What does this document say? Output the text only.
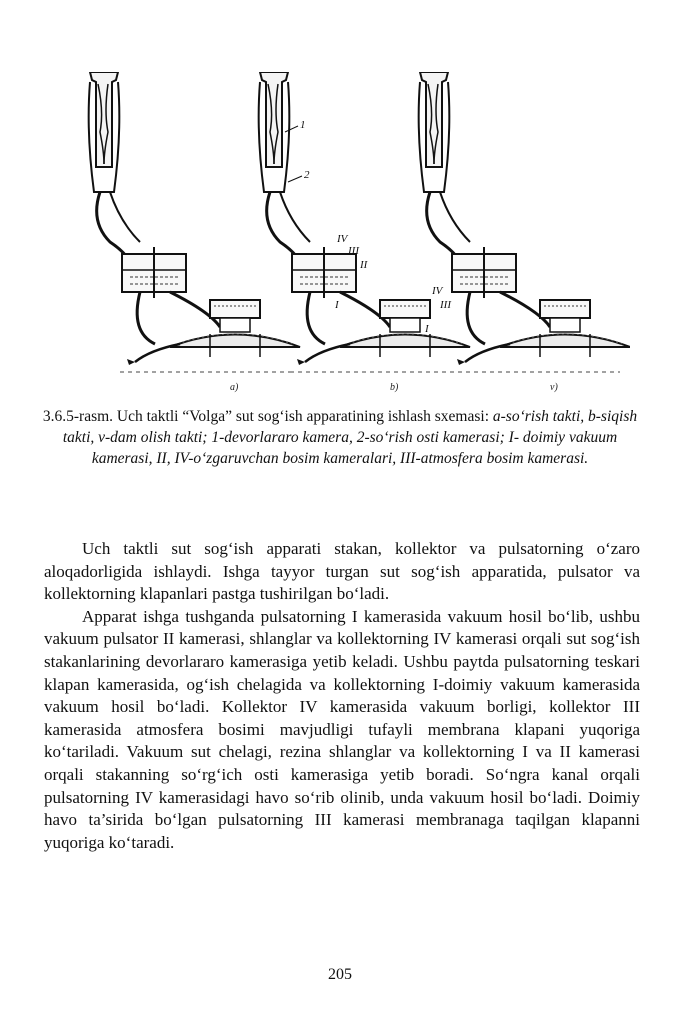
a)	b)	v)
1
2
IV
III
II
I
IV
III
I
3.6.5-rasm. Uch taktli “Volga” sut sog‘ish apparatining ishlash sxemasi: a-so‘rish takti, b-siqish takti, v-dam olish takti; 1-devorlararo kamera, 2-so‘rish osti kamerasi; I- doimiy vakuum kamerasi, II, IV-o‘zgaruvchan bosim kameralari, III-atmosfera bosim kamerasi.

Uch taktli sut sog‘ish apparati stakan, kollektor va pulsatorning o‘zaro aloqadorligida ishlaydi. Ishga tayyor turgan sut sog‘ish apparatida, pulsator va kollektorning klapanlari pastga tushirilgan bo‘ladi.

Apparat ishga tushganda pulsatorning I kamerasida vakuum hosil bo‘lib, ushbu vakuum pulsator II kamerasi, shlanglar va kollektorning IV kamerasi orqali sut sog‘ish stakanlarining devorlararo kamerasiga yetib keladi. Ushbu paytda pulsatorning teskari klapan kamerasida, og‘ish chelagida va kollektorning I-doimiy vakuum kamerasida vakuum hosil bo‘ladi. Kollektor IV kamerasida vakuum borligi, kollektor III kamerasida atmosfera bosimi mavjudligi tufayli membrana klapani yuqoriga ko‘tariladi. Vakuum sut chelagi, rezina shlanglar va kollektorning I va II kamerasi orqali stakanning so‘rg‘ich osti kamerasiga yetib boradi. So‘ngra kanal orqali pulsatorning IV kamerasidagi havo so‘rib olinib, unda vakuum hosil bo‘ladi. Doimiy havo ta’sirida bo‘lgan pulsatorning III kamerasi membranaga taqilgan klapanni yuqoriga ko‘taradi.

205
